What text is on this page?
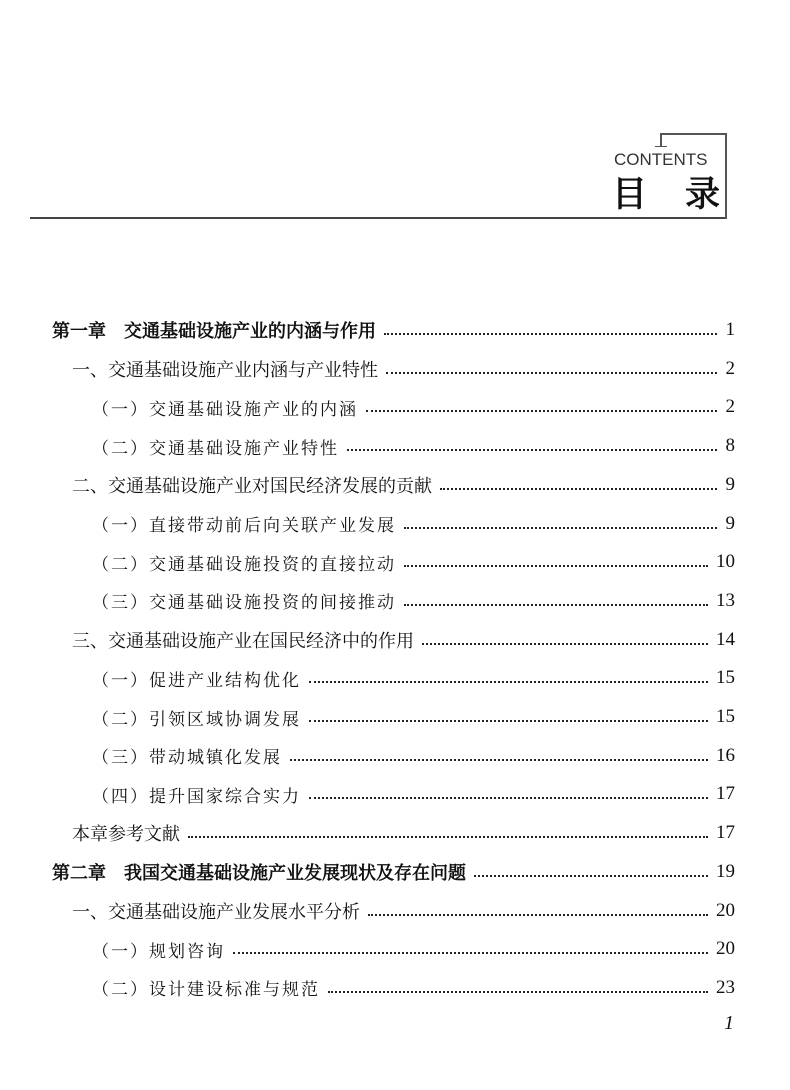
CONTENTS
目录
第一章　交通基础设施产业的内涵与作用	1
一、交通基础设施产业内涵与产业特性	2
（一）交通基础设施产业的内涵	2
（二）交通基础设施产业特性	8
二、交通基础设施产业对国民经济发展的贡献	9
（一）直接带动前后向关联产业发展	9
（二）交通基础设施投资的直接拉动	10
（三）交通基础设施投资的间接推动	13
三、交通基础设施产业在国民经济中的作用	14
（一）促进产业结构优化	15
（二）引领区域协调发展	15
（三）带动城镇化发展	16
（四）提升国家综合实力	17
本章参考文献	17
第二章　我国交通基础设施产业发展现状及存在问题	19
一、交通基础设施产业发展水平分析	20
（一）规划咨询	20
（二）设计建设标准与规范	23
1
